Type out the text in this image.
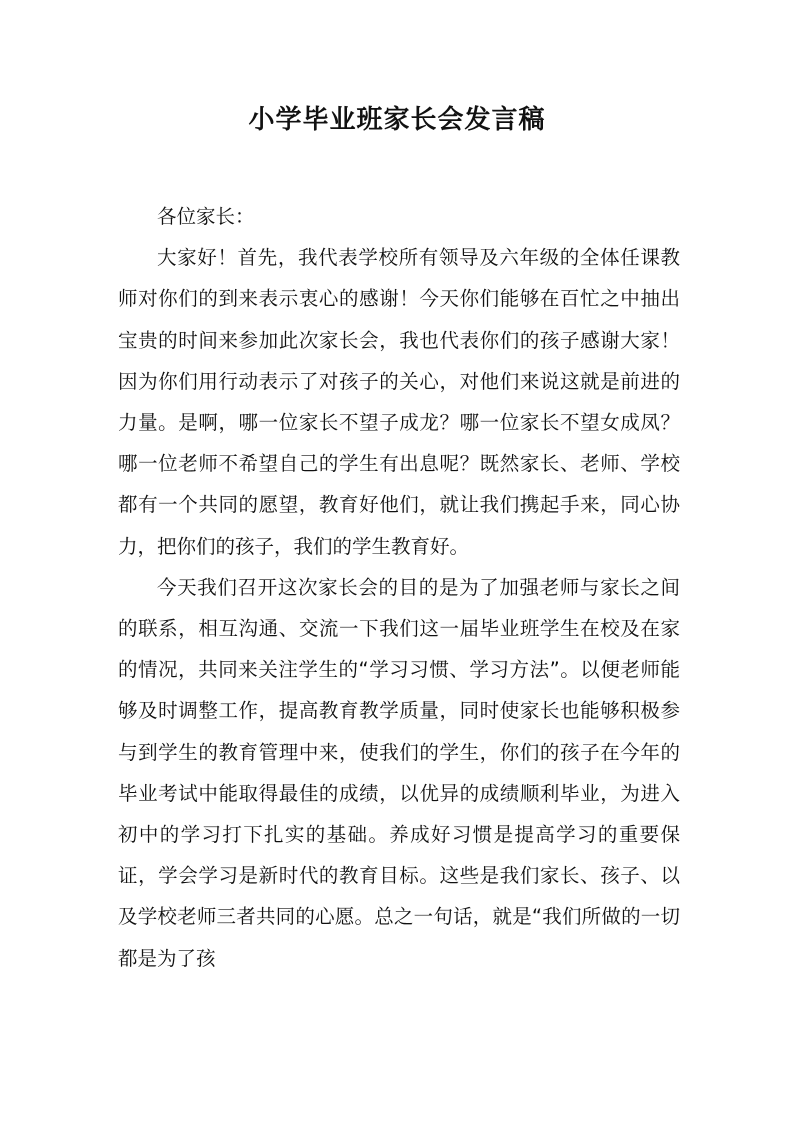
小学毕业班家长会发言稿

各位家长：

大家好！首先，我代表学校所有领导及六年级的全体任课教师对你们的到来表示衷心的感谢！今天你们能够在百忙之中抽出宝贵的时间来参加此次家长会，我也代表你们的孩子感谢大家！因为你们用行动表示了对孩子的关心，对他们来说这就是前进的力量。是啊，哪一位家长不望子成龙？哪一位家长不望女成凤？哪一位老师不希望自己的学生有出息呢？既然家长、老师、学校都有一个共同的愿望，教育好他们，就让我们携起手来，同心协力，把你们的孩子，我们的学生教育好。

今天我们召开这次家长会的目的是为了加强老师与家长之间的联系，相互沟通、交流一下我们这一届毕业班学生在校及在家的情况，共同来关注学生的“学习习惯、学习方法”。以便老师能够及时调整工作，提高教育教学质量，同时使家长也能够积极参与到学生的教育管理中来，使我们的学生，你们的孩子在今年的毕业考试中能取得最佳的成绩，以优异的成绩顺利毕业，为进入初中的学习打下扎实的基础。养成好习惯是提高学习的重要保证，学会学习是新时代的教育目标。这些是我们家长、孩子、以及学校老师三者共同的心愿。总之一句话，就是“我们所做的一切都是为了孩
